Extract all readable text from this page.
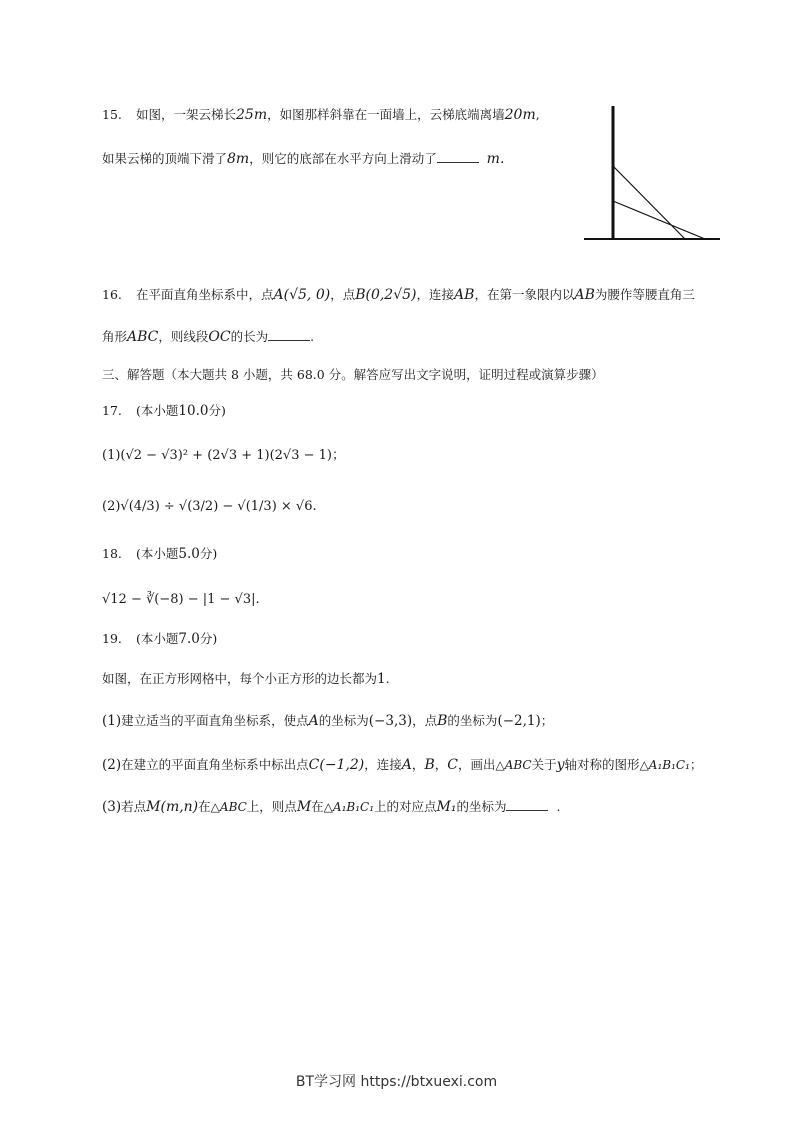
15. 如图，一架云梯长25m，如图那样斜靠在一面墙上，云梯底端离墙20m,
如果云梯的顶端下滑了8m，则它的底部在水平方向上滑动了	m.
16. 在平面直角坐标系中，点A(√5, 0)，点B(0,2√5)，连接AB，在第一象限内以AB为腰作等腰直角三
角形ABC，则线段OC的长为	.
三、解答题（本大题共 8 小题，共 68.0 分。解答应写出文字说明，证明过程或演算步骤）
17. (本小题10.0分)
(1)(√2 − √3)² + (2√3 + 1)(2√3 − 1)；
(2)√(4/3) ÷ √(3/2) − √(1/3) × √6.
18. (本小题5.0分)
√12 − ∛(−8) − |1 − √3|.
19. (本小题7.0分)
如图，在正方形网格中，每个小正方形的边长都为1.
(1)建立适当的平面直角坐标系，使点A的坐标为(−3,3)，点B的坐标为(−2,1)；
(2)在建立的平面直角坐标系中标出点C(−1,2)，连接A，B，C，画出△ABC关于y轴对称的图形△A₁B₁C₁；
(3)若点M(m,n)在△ABC上，则点M在△A₁B₁C₁上的对应点M₁的坐标为	.
BT学习网 https://btxuexi.com
